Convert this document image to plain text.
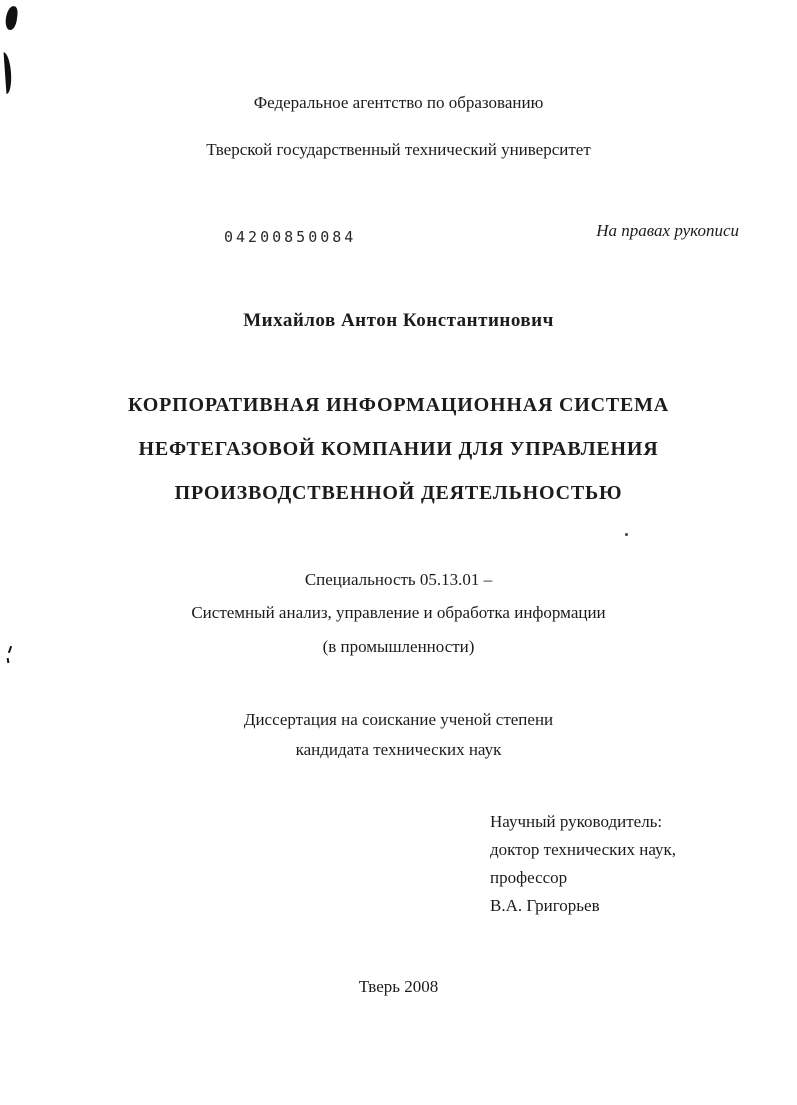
Федеральное агентство по образованию
Тверской государственный технический университет
04200850084	На правах рукописи
Михайлов Антон Константинович
КОРПОРАТИВНАЯ ИНФОРМАЦИОННАЯ СИСТЕМА
НЕФТЕГАЗОВОЙ КОМПАНИИ ДЛЯ УПРАВЛЕНИЯ
ПРОИЗВОДСТВЕННОЙ ДЕЯТЕЛЬНОСТЬЮ
Специальность 05.13.01 –
Системный анализ, управление и обработка информации
(в промышленности)
Диссертация на соискание ученой степени
кандидата технических наук
Научный руководитель:
доктор технических наук,
профессор
В.А. Григорьев
Тверь 2008
